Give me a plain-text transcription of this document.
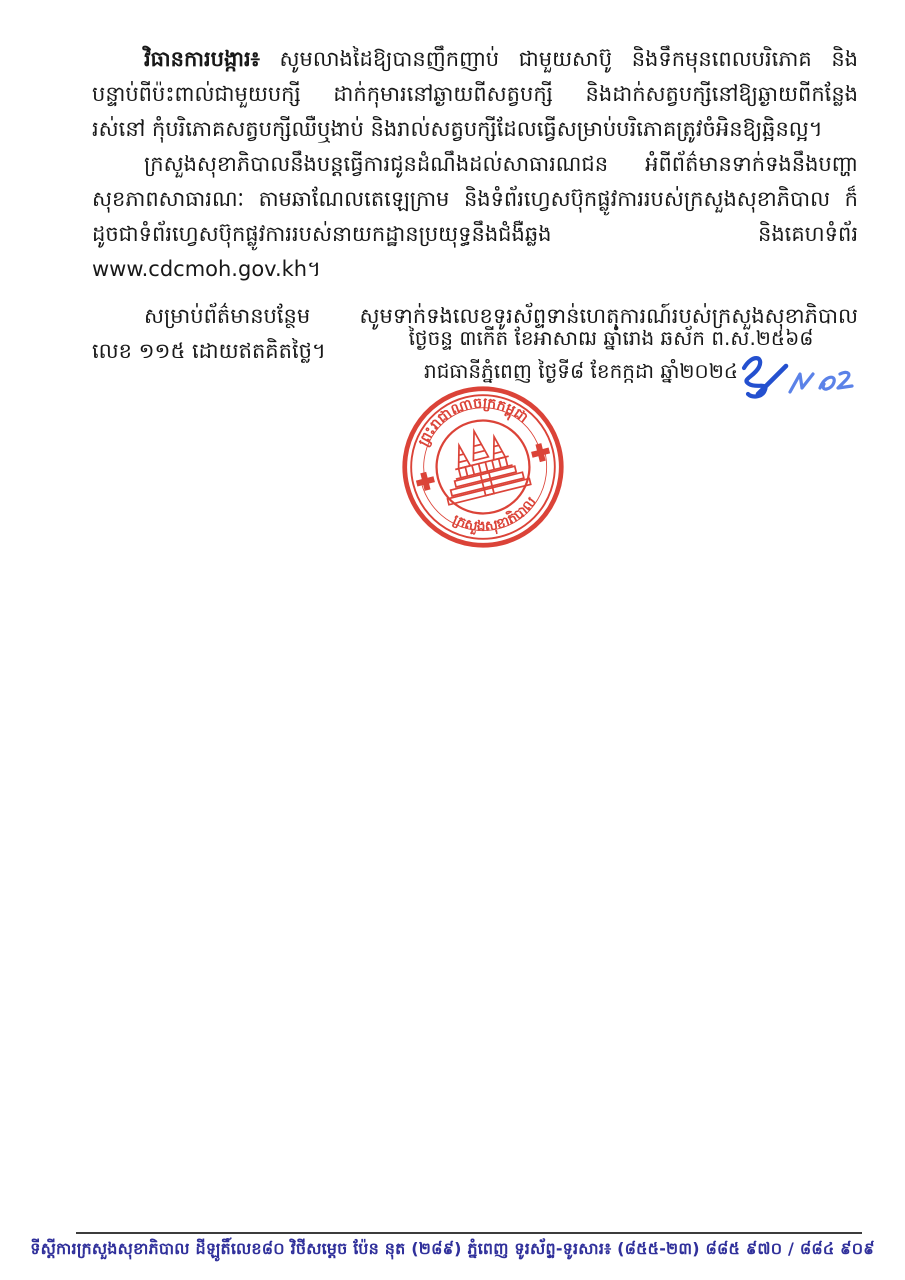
វិធានការបង្ការ៖ សូមលាងដៃឱ្យបានញឹកញាប់ ជាមួយសាប៊ូ និងទឹកមុនពេលបរិភោគ និងបន្ទាប់ពីប៉ះពាល់ជាមួយបក្សី ដាក់កុមារនៅឆ្ងាយពីសត្វបក្សី និងដាក់សត្វបក្សីនៅឱ្យឆ្ងាយពីកន្លែងរស់នៅ កុំបរិភោគសត្វបក្សីឈឺឬងាប់ និងរាល់សត្វបក្សីដែលធ្វើសម្រាប់បរិភោគត្រូវចំអិនឱ្យឆ្អិនល្អ។

ក្រសួងសុខាភិបាលនឹងបន្តធ្វើការជូនដំណឹងដល់សាធារណជន អំពីព័ត៌មានទាក់ទងនឹងបញ្ហាសុខភាពសាធារណៈ តាមឆាណែលតេឡេក្រាម និងទំព័រហ្វេសប៊ុកផ្លូវការរបស់ក្រសួងសុខាភិបាល ក៏ដូចជាទំព័រហ្វេសប៊ុកផ្លូវការរបស់នាយកដ្ឋានប្រយុទ្ធនឹងជំងឺឆ្លង និងគេហទំព័រ www.cdcmoh.gov.kh។

សម្រាប់ព័ត៌មានបន្ថែម សូមទាក់ទងលេខទូរស័ព្ទទាន់ហេតុការណ៍របស់ក្រសួងសុខាភិបាល លេខ ១១៥ ដោយឥតគិតថ្លៃ។

ថ្ងៃចន្ទ ៣កើត ខែអាសាឍ ឆ្នាំរោង ឆស័ក ព.ស.២៥៦៨
រាជធានីភ្នំពេញ ថ្ងៃទី៨ ខែកក្កដា ឆ្នាំ២០២៤
ព្រះរាជាណាចក្រកម្ពុជា
ក្រសួងសុខាភិបាល
ទីស្តីការក្រសួងសុខាភិបាល ដីឡូតិ៍លេខ៨០ វិថីសម្តេច ប៉ែន នុត (២៨៩) ភ្នំពេញ ទូរស័ព្ទ-ទូរសារ៖ (៨៥៥-២៣) ៨៨៥ ៩៧០ / ៨៨៤ ៩០៩
